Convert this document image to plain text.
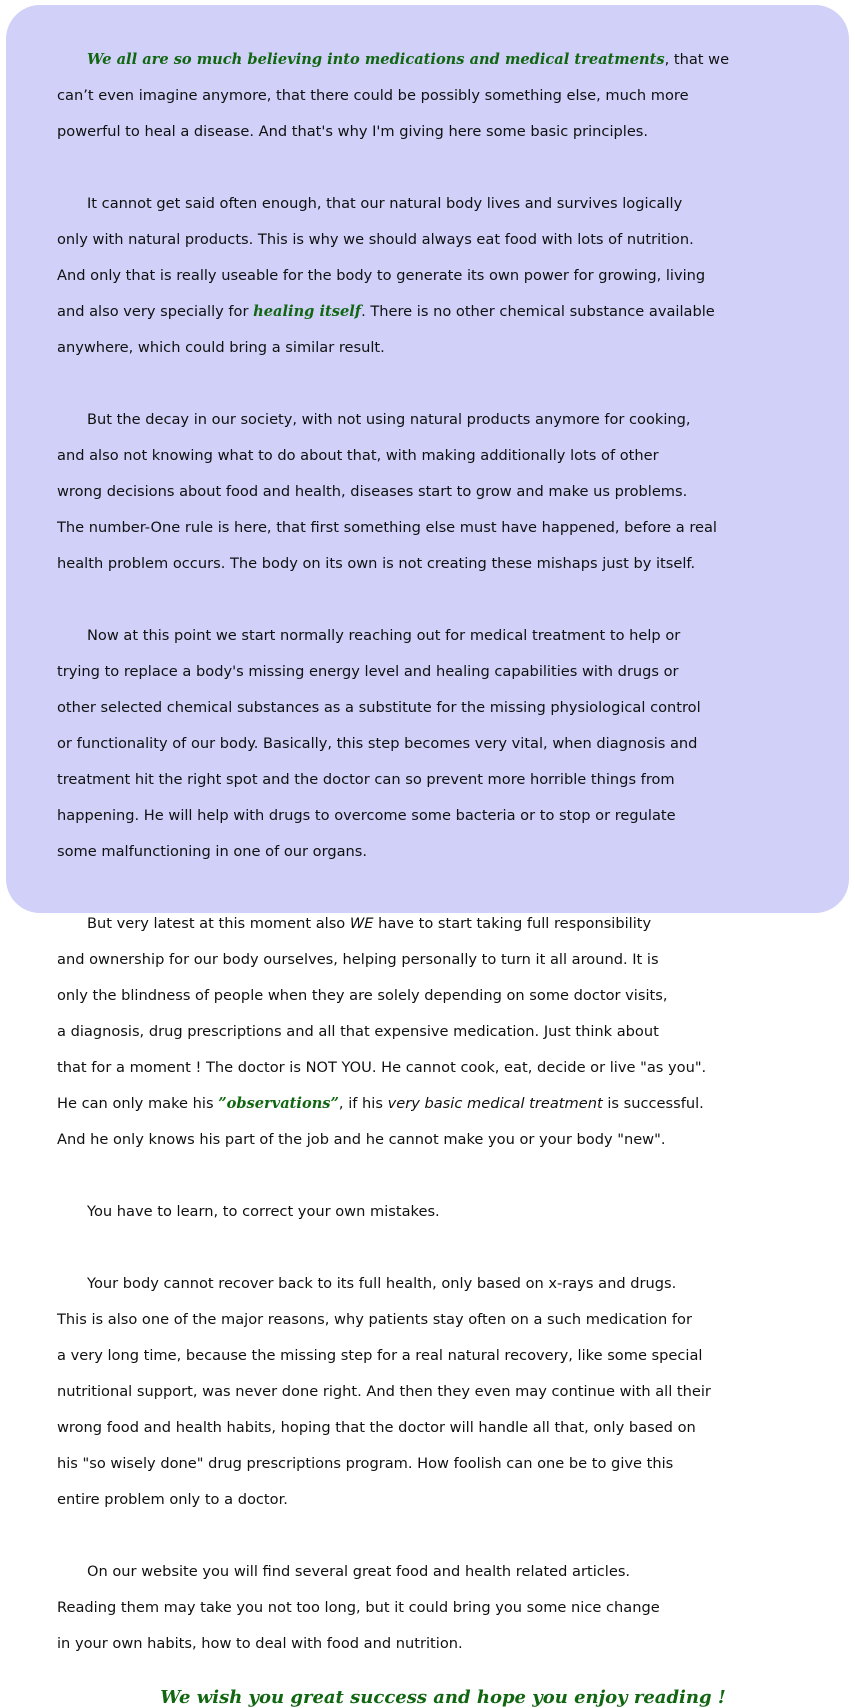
We all are so much believing into medications and medical treatments, that we

can’t even imagine anymore, that there could be possibly something else, much more

powerful to heal a disease. And that's why I'm giving here some basic principles.

It cannot get said often enough, that our natural body lives and survives logically

only with natural products. This is why we should always eat food with lots of nutrition.

And only that is really useable for the body to generate its own power for growing, living

and also very specially for healing itself. There is no other chemical substance available

anywhere, which could bring a similar result.

But the decay in our society, with not using natural products anymore for cooking,

and also not knowing what to do about that, with making additionally lots of other

wrong decisions about food and health, diseases start to grow and make us problems.

The number-One rule is here, that first something else must have happened, before a real

health problem occurs. The body on its own is not creating these mishaps just by itself.

Now at this point we start normally reaching out for medical treatment to help or

trying to replace a body's missing energy level and healing capabilities with drugs or

other selected chemical substances as a substitute for the missing physiological control

or functionality of our body. Basically, this step becomes very vital, when diagnosis and

treatment hit the right spot and the doctor can so prevent more horrible things from

happening. He will help with drugs to overcome some bacteria or to stop or regulate

some malfunctioning in one of our organs.

But very latest at this moment also WE have to start taking full responsibility

and ownership for our body ourselves, helping personally to turn it all around. It is

only the blindness of people when they are solely depending on some doctor visits,

a diagnosis, drug prescriptions and all that expensive medication. Just think about

that for a moment ! The doctor is NOT YOU. He cannot cook, eat, decide or live "as you".

He can only make his ”observations”, if his very basic medical treatment is successful.

And he only knows his part of the job and he cannot make you or your body "new".

You have to learn, to correct your own mistakes.

Your body cannot recover back to its full health, only based on x-rays and drugs.

This is also one of the major reasons, why patients stay often on a such medication for

a very long time, because the missing step for a real natural recovery, like some special

nutritional support, was never done right. And then they even may continue with all their

wrong food and health habits, hoping that the doctor will handle all that, only based on

his "so wisely done" drug prescriptions program. How foolish can one be to give this

entire problem only to a doctor.

On our website you will find several great food and health related articles.

Reading them may take you not too long, but it could bring you some nice change

in your own habits, how to deal with food and nutrition.

We wish you great success and hope you enjoy reading !
